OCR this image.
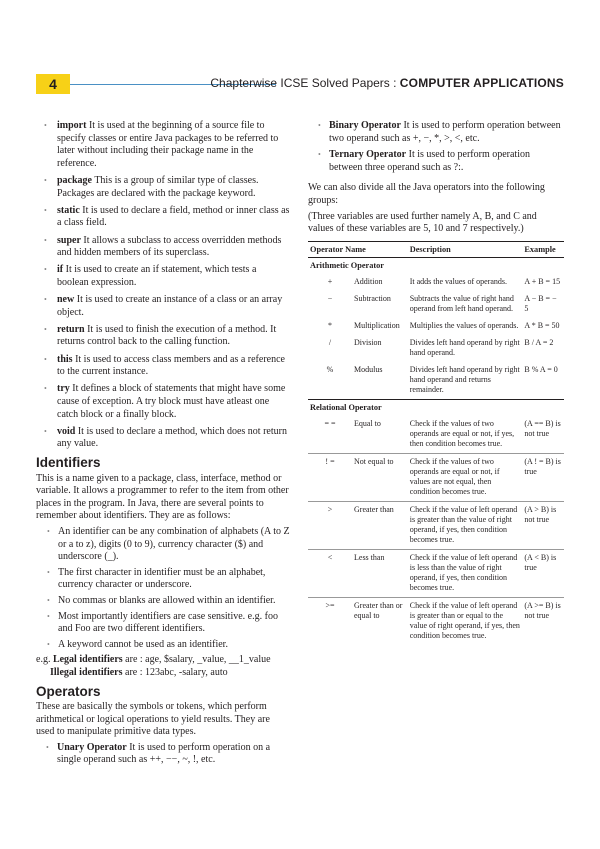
4	Chapterwise ICSE Solved Papers : COMPUTER APPLICATIONS
• import It is used at the beginning of a source file to specify classes or entire Java packages to be referred to later without including their package name in the reference.
• package This is a group of similar type of classes. Packages are declared with the package keyword.
• static It is used to declare a field, method or inner class as a class field.
• super It allows a subclass to access overridden methods and hidden members of its superclass.
• if It is used to create an if statement, which tests a boolean expression.
• new It is used to create an instance of a class or an array object.
• return It is used to finish the execution of a method. It returns control back to the calling function.
• this It is used to access class members and as a reference to the current instance.
• try It defines a block of statements that might have some cause of exception. A try block must have atleast one catch block or a finally block.
• void It is used to declare a method, which does not return any value.
Identifiers

This is a name given to a package, class, interface, method or variable. It allows a programmer to refer to the item from other places in the program. In Java, there are several points to remember about identifiers. They are as follows:

• An identifier can be any combination of alphabets (A to Z or a to z), digits (0 to 9), currency character ($) and underscore (_).
• The first character in identifier must be an alphabet, currency character or underscore.
• No commas or blanks are allowed within an identifier.
• Most importantly identifiers are case sensitive. e.g. foo and Foo are two different identifiers.
• A keyword cannot be used as an identifier.
e.g. Legal identifiers are : age, $salary, _value, __1_value
Illegal identifiers are : 123abc, -salary, auto
Operators

These are basically the symbols or tokens, which perform arithmetical or logical operations to yield results. They are used to manipulate primitive data types.

• Unary Operator It is used to perform operation on a single operand such as ++, −−, ~, !, etc.
• Binary Operator It is used to perform operation between two operand such as +, −, *, >, <, etc.
• Ternary Operator It is used to perform operation between three operand such as ?:.

We can also divide all the Java operators into the following groups:

(Three variables are used further namely A, B, and C and values of these variables are 5, 10 and 7 respectively.)

Operator Name		Description	Example
Arithmetic Operator			
+	Addition	It adds the values of operands.	A + B = 15
−	Subtraction	Subtracts the value of right hand operand from left hand operand.	A − B = − 5
*	Multiplication	Multiplies the values of operands.	A * B = 50
/	Division	Divides left hand operand by right hand operand.	B / A = 2
%	Modulus	Divides left hand operand by right hand operand and returns remainder.	B % A = 0
Relational Operator			
= =	Equal to	Check if the values of two operands are equal or not, if yes, then condition becomes true.	(A == B) is not true
! =	Not equal to	Check if the values of two operands are equal or not, if values are not equal, then condition becomes true.	(A ! = B) is true
>	Greater than	Check if the value of left operand is greater than the value of right operand, if yes, then condition becomes true.	(A > B) is not true
<	Less than	Check if the value of left operand is less than the value of right operand, if yes, then condition becomes true.	(A < B) is true
>=	Greater than or equal to	Check if the value of left operand is greater than or equal to the value of right operand, if yes, then condition becomes true.	(A >= B) is not true
